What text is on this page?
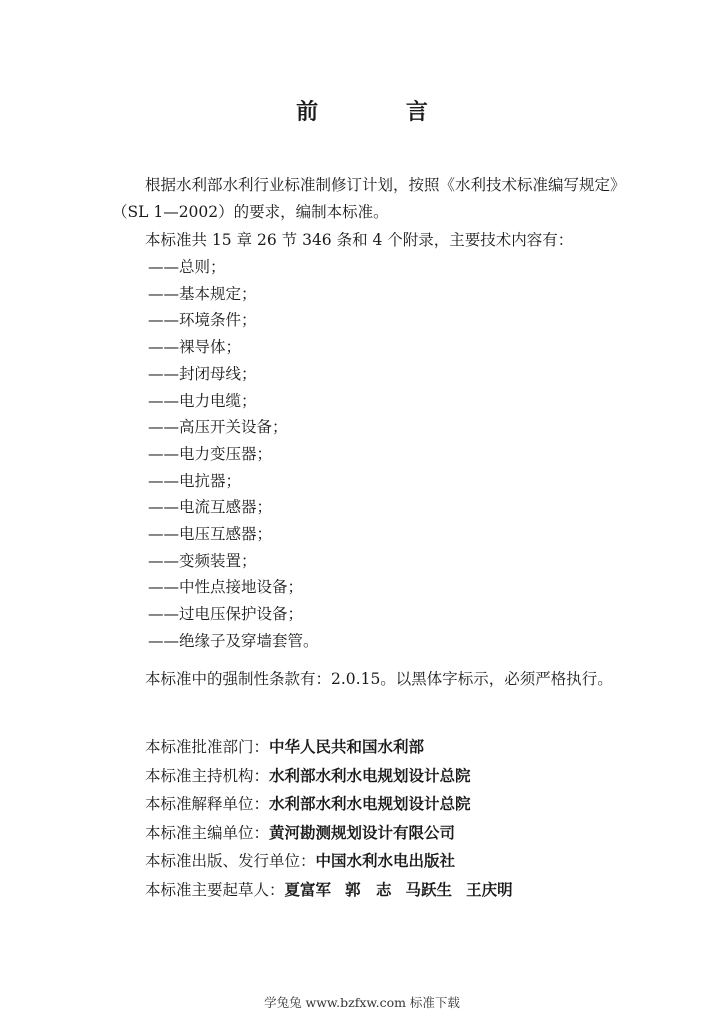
前 言
根据水利部水利行业标准制修订计划，按照《水利技术标准编写规定》（SL 1—2002）的要求，编制本标准。
本标准共 15 章 26 节 346 条和 4 个附录，主要技术内容有：
——总则；
——基本规定；
——环境条件；
——裸导体；
——封闭母线；
——电力电缆；
——高压开关设备；
——电力变压器；
——电抗器；
——电流互感器；
——电压互感器；
——变频装置；
——中性点接地设备；
——过电压保护设备；
——绝缘子及穿墙套管。
本标准中的强制性条款有：2.0.15。以黑体字标示，必须严格执行。
本标准批准部门：中华人民共和国水利部
本标准主持机构：水利部水利水电规划设计总院
本标准解释单位：水利部水利水电规划设计总院
本标准主编单位：黄河勘测规划设计有限公司
本标准出版、发行单位：中国水利水电出版社
本标准主要起草人：夏富军 郭　志 马跃生 王庆明
学兔兔 www.bzfxw.com 标准下载
